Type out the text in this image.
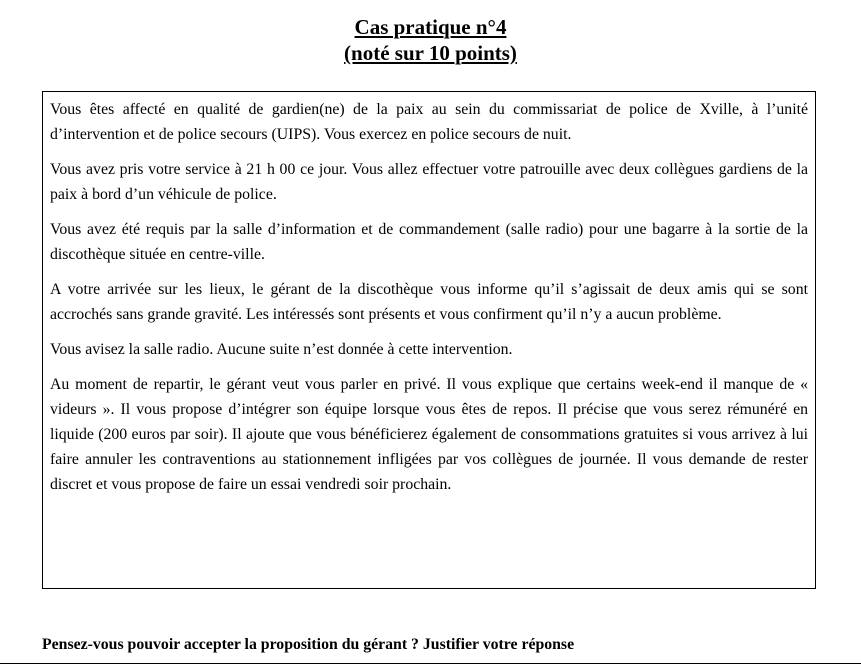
Cas pratique n°4
(noté sur 10 points)

Vous êtes affecté en qualité de gardien(ne) de la paix au sein du commissariat de police de Xville, à l’unité d’intervention et de police secours (UIPS). Vous exercez en police secours de nuit.

Vous avez pris votre service à 21 h 00 ce jour. Vous allez effectuer votre patrouille avec deux collègues gardiens de la paix à bord d’un véhicule de police.

Vous avez été requis par la salle d’information et de commandement (salle radio) pour une bagarre à la sortie de la discothèque située en centre-ville.

A votre arrivée sur les lieux, le gérant de la discothèque vous informe qu’il s’agissait de deux amis qui se sont accrochés sans grande gravité. Les intéressés sont présents et vous confirment qu’il n’y a aucun problème.

Vous avisez la salle radio. Aucune suite n’est donnée à cette intervention.

Au moment de repartir, le gérant veut vous parler en privé. Il vous explique que certains week-end il manque de « videurs ». Il vous propose d’intégrer son équipe lorsque vous êtes de repos. Il précise que vous serez rémunéré en liquide (200 euros par soir). Il ajoute que vous bénéficierez également de consommations gratuites si vous arrivez à lui faire annuler les contraventions au stationnement infligées par vos collègues de journée. Il vous demande de rester discret et vous propose de faire un essai vendredi soir prochain.

Pensez-vous pouvoir accepter la proposition du gérant ? Justifier votre réponse
